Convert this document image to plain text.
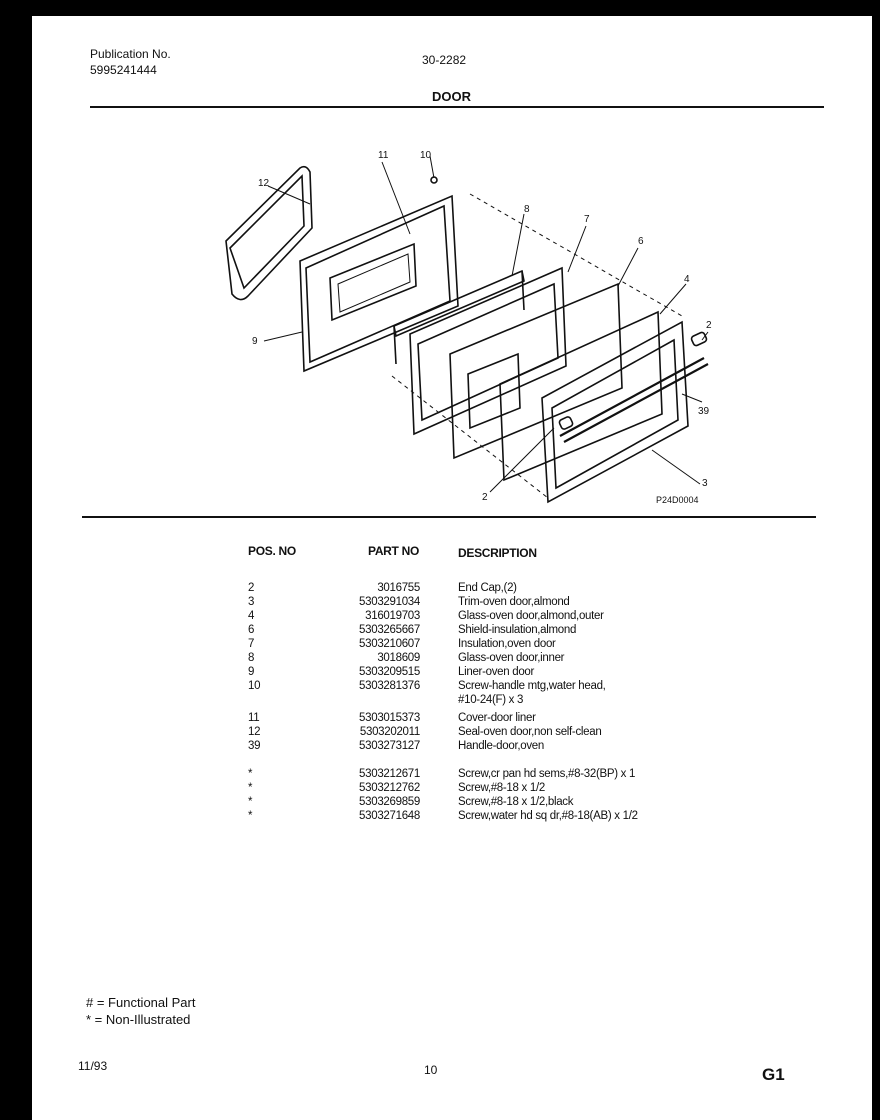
Publication No.
5995241444
30-2282
DOOR
12
11	10
9
8
7
6
4
2
39
3
2	P24D0004
POS. NO	PART NO	DESCRIPTION
2	3016755	End Cap,(2)
3	5303291034	Trim-oven door,almond
4	316019703	Glass-oven door,almond,outer
6	5303265667	Shield-insulation,almond
7	5303210607	Insulation,oven door
8	3018609	Glass-oven door,inner
9	5303209515	Liner-oven door
10	5303281376	Screw-handle mtg,water head,
#10-24(F) x 3
11	5303015373	Cover-door liner
12	5303202011	Seal-oven door,non self-clean
39	5303273127	Handle-door,oven
*	5303212671	Screw,cr pan hd sems,#8-32(BP) x 1
*	5303212762	Screw,#8-18 x 1/2
*	5303269859	Screw,#8-18 x 1/2,black
*	5303271648	Screw,water hd sq dr,#8-18(AB) x 1/2
# = Functional Part
* = Non-Illustrated
11/93	10	G1
